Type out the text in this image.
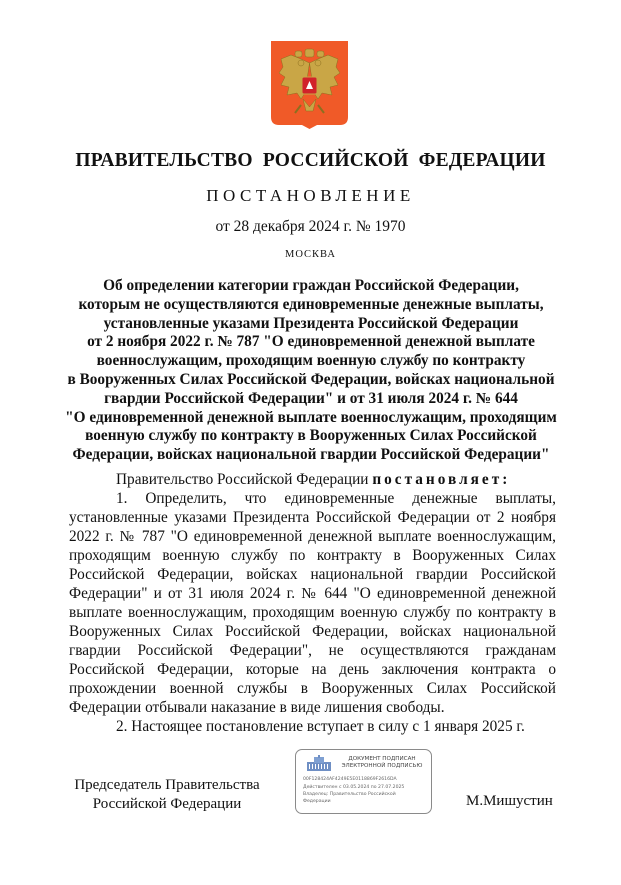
ПРАВИТЕЛЬСТВО РОССИЙСКОЙ ФЕДЕРАЦИИ
ПОСТАНОВЛЕНИЕ
от 28 декабря 2024 г. № 1970
МОСКВА
Об определении категории граждан Российской Федерации,
которым не осуществляются единовременные денежные выплаты,
установленные указами Президента Российской Федерации
от 2 ноября 2022 г. № 787 "О единовременной денежной выплате
военнослужащим, проходящим военную службу по контракту
в Вооруженных Силах Российской Федерации, войсках национальной
гвардии Российской Федерации" и от 31 июля 2024 г. № 644
"О единовременной денежной выплате военнослужащим, проходящим
военную службу по контракту в Вооруженных Силах Российской
Федерации, войсках национальной гвардии Российской Федерации"

Правительство Российской Федерации постановляет:

1. Определить, что единовременные денежные выплаты, установленные указами Президента Российской Федерации от 2 ноября 2022 г. № 787 "О единовременной денежной выплате военнослужащим, проходящим военную службу по контракту в Вооруженных Силах Российской Федерации, войсках национальной гвардии Российской Федерации" и от 31 июля 2024 г. № 644 "О единовременной денежной выплате военнослужащим, проходящим военную службу по контракту в Вооруженных Силах Российской Федерации, войсках национальной гвардии Российской Федерации", не осуществляются гражданам Российской Федерации, которые на день заключения контракта о прохождении военной службы в Вооруженных Силах Российской Федерации отбывали наказание в виде лишения свободы.

2. Настоящее постановление вступает в силу с 1 января 2025 г.

Председатель Правительства
Российской Федерации
ДОКУМЕНТ ПОДПИСАН
ЭЛЕКТРОННОЙ ПОДПИСЬЮ
00F128424AF4249E5E0118869F2616DA
Действителен с 03.05.2024 по 27.07.2025
Владелец: Правительство Российской
Федерации	М.Мишустин
